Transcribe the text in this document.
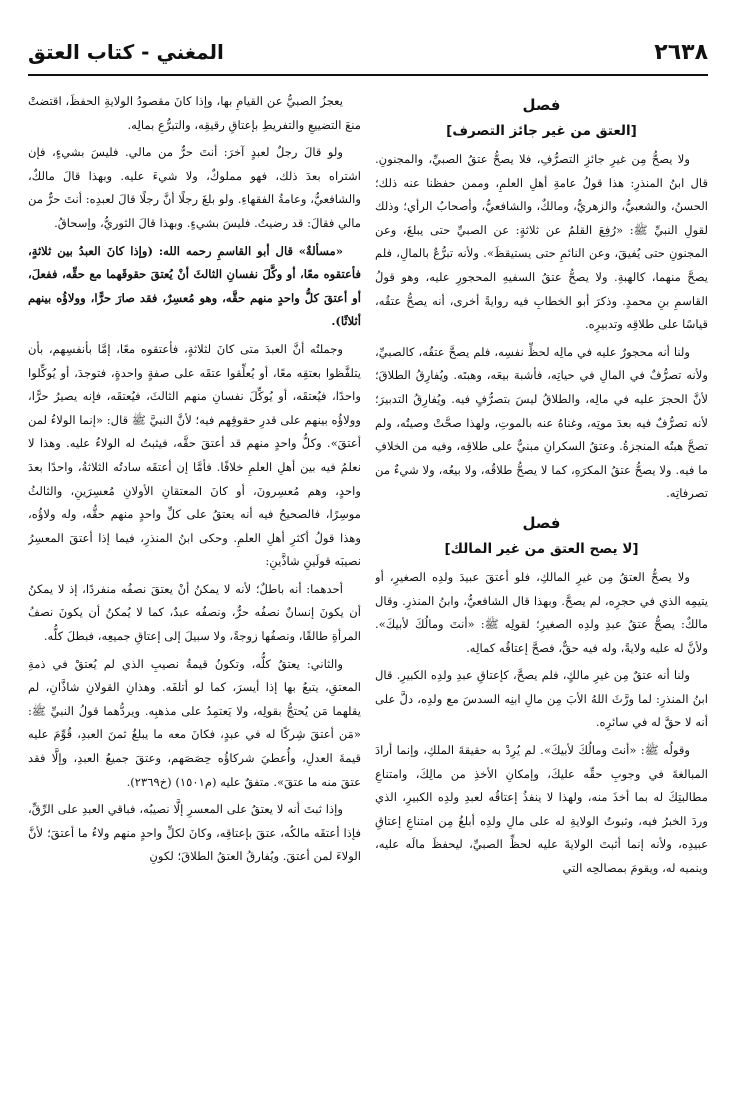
المغني - كتاب العتق	٢٦٣٨

فصل

[العتق من غير جائز التصرف]

ولا يصحُّ مِن غيرِ جائزِ التصرُّفِ، فلا يصحُّ عتقُ الصبيِّ، والمجنونِ. قال ابنُ المنذرِ: هذا قولُ عامةِ أهلِ العلمِ، وممن حفظنا عنه ذلك؛ الحسنُ، والشعبيُّ، والزهريُّ، ومالكٌ، والشافعيُّ، وأصحابُ الرأي؛ وذلك لقولِ النبيِّ ﷺ: «رُفِعَ القلمُ عن ثلاثةٍ: عن الصبيِّ حتى يبلغَ، وعن المجنونِ حتى يُفيقَ، وعن النائمِ حتى يستيقظَ». ولأنه تبرُّعٌ بالمالِ، فلم يصحَّ منهما، كالهبةِ. ولا يصحُّ عتقُ السفيهِ المحجورِ عليه، وهو قولُ القاسمِ بنِ محمدٍ. وذكرَ أبو الخطابِ فيه روايةً أخرى، أنه يصحُّ عتقُه، قياسًا على طلاقِه وتدبيرِه.

ولنا أنه محجورٌ عليه في مالِه لحظِّ نفسِه، فلم يصحَّ عتقُه، كالصبيِّ، ولأنه تصرُّفٌ في المالِ في حياتِه، فأشبهَ بيعَه، وهبتَه. ويُفارِقُ الطلاقَ؛ لأنَّ الحجرَ عليه في مالِه، والطلاقُ ليسَ بتصرُّفٍ فيه. ويُفارِقُ التدبيرَ؛ لأنه تصرُّفٌ فيه بعدَ موتِه، وغناهُ عنه بالموتِ، ولهذا صحَّتْ وصيتُه، ولم تصحَّ هبتُه المنجزةُ. وعتقُ السكرانِ مبنيٌّ على طلاقِه، وفيه من الخلافِ ما فيه. ولا يصحُّ عتقُ المكرَهِ، كما لا يصحُّ طلاقُه، ولا بيعُه، ولا شيءٌ من تصرفاتِه.

فصل

[لا يصح العتق من غير المالك]

ولا يصحُّ العتقُ مِن غيرِ المالكِ، فلو أعتقَ عبيدَ ولدِه الصغيرِ، أو يتيمِه الذي في حجرِه، لم يصحَّ. وبهذا قال الشافعيُّ، وابنُ المنذرِ. وقال مالكٌ: يصحُّ عتقُ عبدِ ولدِه الصغيرِ؛ لقولِه ﷺ: «أنتَ ومالُكَ لأبيكَ». ولأنَّ له عليه ولايةً، وله فيه حقٌّ، فصحَّ إعتاقُه كمالِه.

ولنا أنه عتقٌ مِن غيرِ مالكٍ، فلم يصحَّ، كإعتاقِ عبدِ ولدِه الكبيرِ. قال ابنُ المنذرِ: لما ورَّثَ اللهُ الأبَ مِن مالِ ابنِه السدسَ مع ولدِه، دلَّ على أنه لا حقَّ له في سائرِه.

وقولُه ﷺ: «أنتَ ومالُكَ لأبيكَ». لم يُرِدْ به حقيقةَ الملكِ، وإنما أرادَ المبالغةَ في وجوبِ حقِّه عليكَ، وإمكانِ الأخذِ من مالِكَ، وامتناعِ مطالبتِكَ له بما أخذَ منه، ولهذا لا ينفذُ إعتاقُه لعبدِ ولدِه الكبيرِ، الذي وردَ الخبرُ فيه، وثبوتُ الولايةِ له على مالِ ولدِه أبلغُ مِن امتناعِ إعتاقِ عبيدِه، ولأنه إنما أثبتَ الولايةَ عليه لحظِّ الصبيِّ، ليحفظَ مالَه عليه، وينميه له، ويقومَ بمصالحِه التي

يعجزُ الصبيُّ عن القيامِ بها، وإذا كانَ مقصودُ الولايةِ الحفظَ، اقتضتْ منعَ التضييعِ والتفريطِ بإعتاقِ رقيقِه، والتبرُّعِ بمالِه.

ولو قالَ رجلٌ لعبدٍ آخرَ: أنتَ حرٌّ من مالي. فليسَ بشيءٍ، فإن اشتراه بعدَ ذلك، فهو مملوكٌ، ولا شيءَ عليه. وبهذا قالَ مالكٌ، والشافعيُّ، وعامةُ الفقهاءِ. ولو بلغَ رجلًا أنَّ رجلًا قالَ لعبدِه: أنتَ حرٌّ من مالي فقالَ: قد رضيتُ. فليسَ بشيءٍ. وبهذا قالَ الثوريُّ، وإسحاقُ.

«مسألةٌ» قال أبو القاسمِ رحمه الله: (وإذا كانَ العبدُ بين ثلاثةٍ، فأعتقوه معًا، أو وكَّلَ نفسانِ الثالثَ أنْ يُعتقَ حقوقَهما مع حقِّه، ففعلَ، أو أعتقَ كلُّ واحدٍ منهم حقَّه، وهو مُعسِرٌ، فقد صارَ حرًّا، وولاؤُه بينهم أثلاثًا).

وجملتُه أنَّ العبدَ متى كانَ لثلاثةٍ، فأعتقوه معًا، إمَّا بأنفسِهم، بأن يتلفَّظوا بعتقِه معًا، أو يُعلِّقوا عتقَه على صفةٍ واحدةٍ، فتوجدَ، أو يُوكِّلوا واحدًا، فيُعتقَه، أو يُوكِّلَ نفسانِ منهم الثالثَ، فيُعتقَه، فإنه يصيرُ حرًّا، وولاؤُه بينهم على قدرِ حقوقِهم فيه؛ لأنَّ النبيَّ ﷺ قال: «إنما الولاءُ لمن أعتقَ». وكلُّ واحدٍ منهم قد أعتقَ حقَّه، فيثبتُ له الولاءُ عليه. وهذا لا نعلمُ فيه بين أهلِ العلمِ خلافًا. فأمَّا إن أعتقَه سادتُه الثلاثةُ، واحدًا بعدَ واحدٍ، وهم مُعسِرونَ، أو كانَ المعتقانِ الأولانِ مُعسِرَينِ، والثالثُ موسِرًا، فالصحيحُ فيه أنه يعتقُ على كلِّ واحدٍ منهم حقُّه، وله ولاؤُه، وهذا قولُ أكثرِ أهلِ العلمِ. وحكى ابنُ المنذرِ، فيما إذا أعتقَ المعسِرُ نصيبَه قولَينِ شاذَّينِ:

أحدهما: أنه باطلٌ؛ لأنه لا يمكنُ أنْ يعتقَ نصفُه منفردًا، إذ لا يمكنُ أن يكونَ إنسانٌ نصفُه حرٌّ، ونصفُه عبدٌ، كما لا يُمكنُ أن يكونَ نصفُ المرأةِ طالقًا، ونصفُها زوجةً، ولا سبيلَ إلى إعتاقِ جميعِه، فبطلَ كلُّه.

والثاني: يعتقُ كلُّه، وتكونُ قيمةُ نصيبِ الذي لم يُعتقْ في ذمةِ المعتقِ، يتبعُ بها إذا أيسرَ، كما لو أتلفَه. وهذانِ القولانِ شاذَّانِ، لم يقلهما مَن يُحتجُّ بقولِه، ولا يَعتمِدُ على مذهبِه. ويردُّهما قولُ النبيِّ ﷺ: «مَن أعتقَ شِركًا له في عبدٍ، فكانَ معه ما يبلغُ ثمنَ العبدِ، قُوِّمَ عليه قيمةَ العدلِ، وأُعطيَ شركاؤُه حِصَصَهم، وعتقَ جميعُ العبدِ، وإلَّا فقد عتقَ منه ما عتقَ». متفقٌ عليه (م١٥٠١) (خ٢٣٦٩).

وإذا ثبتَ أنه لا يعتقُ على المعسرِ إلَّا نصيبُه، فباقي العبدِ على الرِّقِّ، فإذا أعتقَه مالكُه، عتقَ بإعتاقِه، وكانَ لكلِّ واحدٍ منهم ولاءُ ما أعتقَ؛ لأنَّ الولاءَ لمن أعتقَ. ويُفارقُ العتقُ الطلاقَ؛ لكونِ
